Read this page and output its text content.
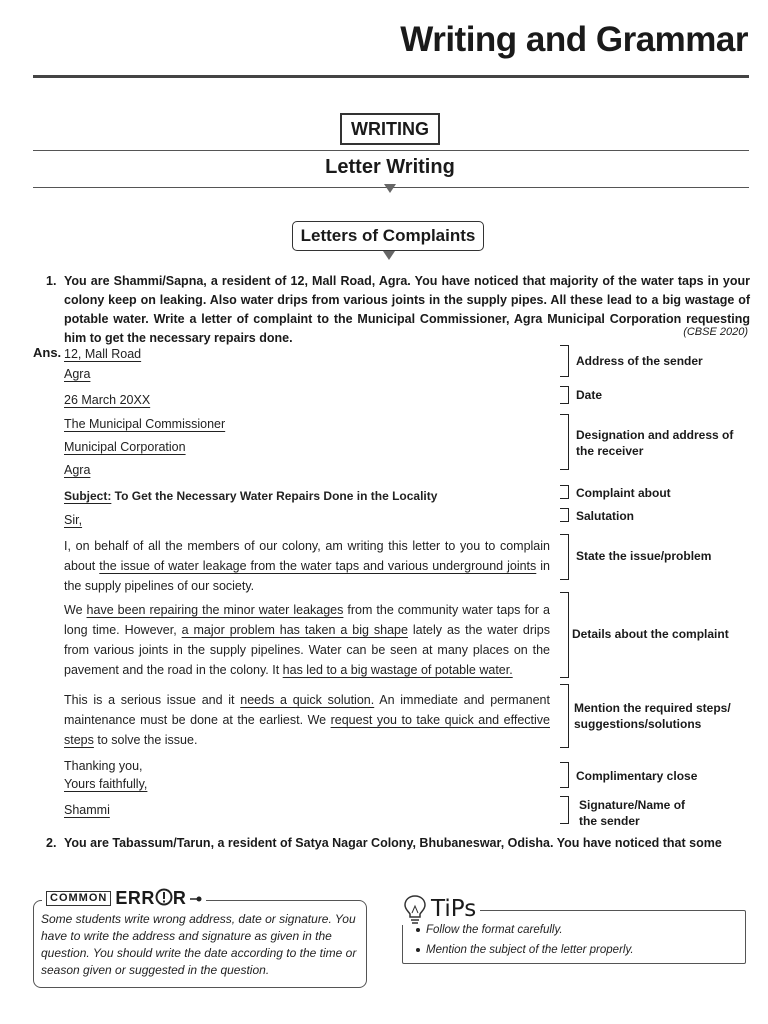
Writing and Grammar
WRITING
Letter Writing
Letters of Complaints
1. You are Shammi/Sapna, a resident of 12, Mall Road, Agra. You have noticed that majority of the water taps in your colony keep on leaking. Also water drips from various joints in the supply pipes. All these lead to a big wastage of potable water. Write a letter of complaint to the Municipal Commissioner, Agra Municipal Corporation requesting him to get the necessary repairs done.	(CBSE 2020)
Ans. 12, Mall Road
Agra
26 March 20XX
The Municipal Commissioner
Municipal Corporation
Agra
Subject: To Get the Necessary Water Repairs Done in the Locality
Sir,
I, on behalf of all the members of our colony, am writing this letter to you to complain about the issue of water leakage from the water taps and various underground joints in the supply pipelines of our society.
We have been repairing the minor water leakages from the community water taps for a long time. However, a major problem has taken a big shape lately as the water drips from various joints in the supply pipelines. Water can be seen at many places on the pavement and the road in the colony. It has led to a big wastage of potable water.
This is a serious issue and it needs a quick solution. An immediate and permanent maintenance must be done at the earliest. We request you to take quick and effective steps to solve the issue.
Thanking you,
Yours faithfully,
Shammi
Address of the sender
Date
Designation and address of the receiver
Complaint about
Salutation
State the issue/problem
Details about the complaint
Mention the required steps/ suggestions/solutions
Complimentary close
Signature/Name of the sender
2. You are Tabassum/Tarun, a resident of Satya Nagar Colony, Bhubaneswar, Odisha. You have noticed that some
COMMON ERR R
Some students write wrong address, date or signature. You have to write the address and signature as given in the question. You should write the date according to the time or season given or suggested in the question.
TiPs
Follow the format carefully.
Mention the subject of the letter properly.
